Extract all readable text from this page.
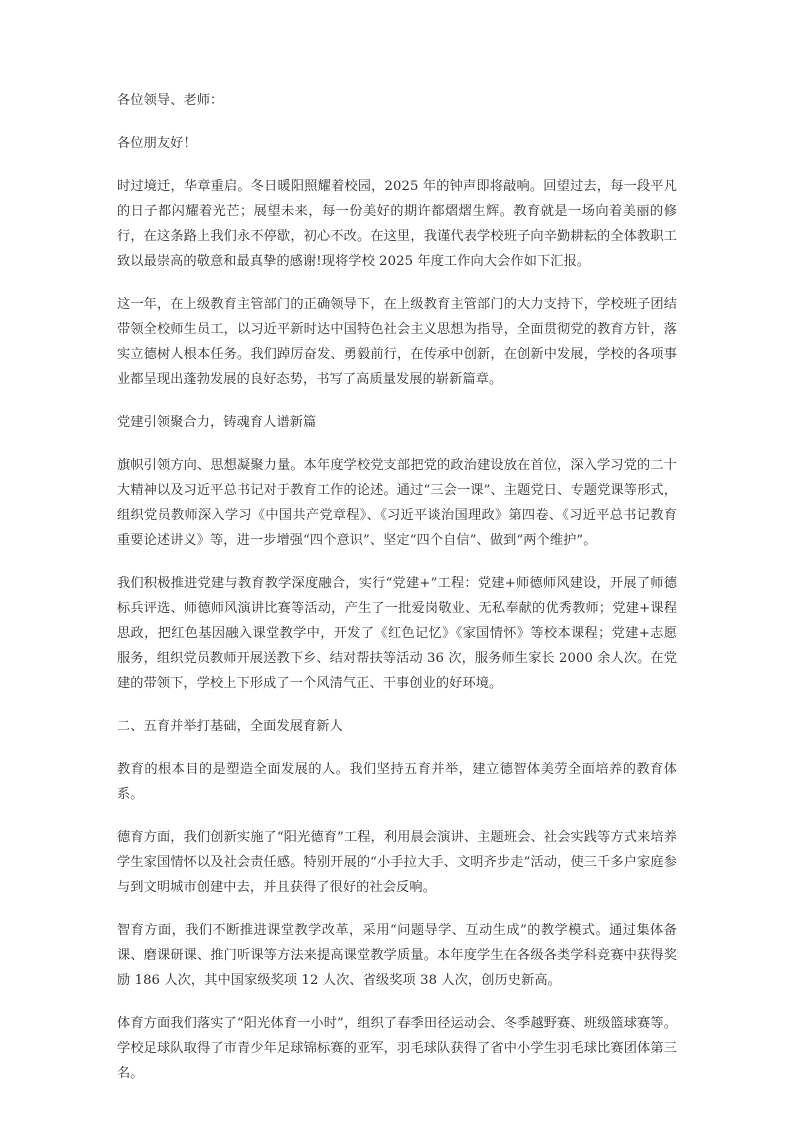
各位领导、老师：

各位朋友好！

时过境迁，华章重启。冬日暖阳照耀着校园，2025 年的钟声即将敲响。回望过去，每一段平凡的日子都闪耀着光芒；展望未来，每一份美好的期许都熠熠生辉。教育就是一场向着美丽的修行，在这条路上我们永不停歇，初心不改。在这里，我谨代表学校班子向辛勤耕耘的全体教职工致以最崇高的敬意和最真挚的感谢!现将学校 2025 年度工作向大会作如下汇报。

这一年，在上级教育主管部门的正确领导下，在上级教育主管部门的大力支持下，学校班子团结带领全校师生员工，以习近平新时达中国特色社会主义思想为指导，全面贯彻党的教育方针，落实立德树人根本任务。我们踔厉奋发、勇毅前行，在传承中创新，在创新中发展，学校的各项事业都呈现出蓬勃发展的良好态势，书写了高质量发展的崭新篇章。

党建引领聚合力，铸魂育人谱新篇

旗帜引领方向、思想凝聚力量。本年度学校党支部把党的政治建设放在首位，深入学习党的二十大精神以及习近平总书记对于教育工作的论述。通过“三会一课”、主题党日、专题党课等形式，组织党员教师深入学习《中国共产党章程》、《习近平谈治国理政》第四卷、《习近平总书记教育重要论述讲义》等，进一步增强“四个意识”、坚定“四个自信”、做到“两个维护”。

我们积极推进党建与教育教学深度融合，实行“党建+”工程：党建+师德师风建设，开展了师德标兵评选、师德师风演讲比赛等活动，产生了一批爱岗敬业、无私奉献的优秀教师；党建+课程思政，把红色基因融入课堂教学中，开发了《红色记忆》《家国情怀》等校本课程；党建+志愿服务，组织党员教师开展送教下乡、结对帮扶等活动 36 次，服务师生家长 2000 余人次。在党建的带领下，学校上下形成了一个风清气正、干事创业的好环境。

二、五育并举打基础，全面发展育新人

教育的根本目的是塑造全面发展的人。我们坚持五育并举，建立德智体美劳全面培养的教育体系。

德育方面，我们创新实施了“阳光德育”工程，利用晨会演讲、主题班会、社会实践等方式来培养学生家国情怀以及社会责任感。特别开展的“小手拉大手、文明齐步走”活动，使三千多户家庭参与到文明城市创建中去，并且获得了很好的社会反响。

智育方面，我们不断推进课堂教学改革，采用“问题导学、互动生成”的教学模式。通过集体备课、磨课研课、推门听课等方法来提高课堂教学质量。本年度学生在各级各类学科竞赛中获得奖励 186 人次，其中国家级奖项 12 人次、省级奖项 38 人次，创历史新高。

体育方面我们落实了“阳光体育一小时”，组织了春季田径运动会、冬季越野赛、班级篮球赛等。学校足球队取得了市青少年足球锦标赛的亚军，羽毛球队获得了省中小学生羽毛球比赛团体第三名。
